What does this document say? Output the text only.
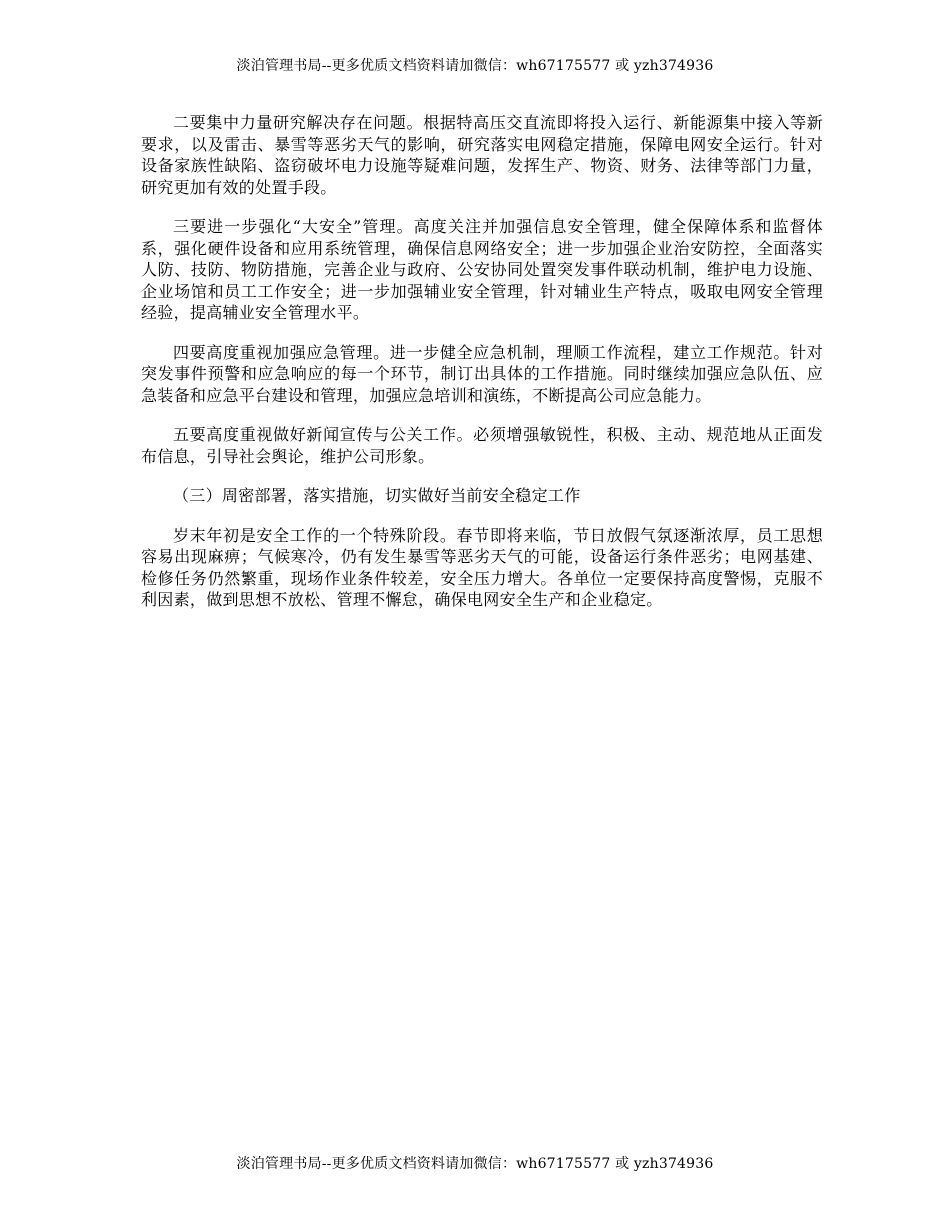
淡泊管理书局--更多优质文档资料请加微信：wh67175577 或 yzh374936

二要集中力量研究解决存在问题。根据特高压交直流即将投入运行、新能源集中接入等新要求，以及雷击、暴雪等恶劣天气的影响，研究落实电网稳定措施，保障电网安全运行。针对设备家族性缺陷、盗窃破坏电力设施等疑难问题，发挥生产、物资、财务、法律等部门力量，研究更加有效的处置手段。

三要进一步强化“大安全”管理。高度关注并加强信息安全管理，健全保障体系和监督体系，强化硬件设备和应用系统管理，确保信息网络安全；进一步加强企业治安防控，全面落实人防、技防、物防措施，完善企业与政府、公安协同处置突发事件联动机制，维护电力设施、企业场馆和员工工作安全；进一步加强辅业安全管理，针对辅业生产特点，吸取电网安全管理经验，提高辅业安全管理水平。

四要高度重视加强应急管理。进一步健全应急机制，理顺工作流程，建立工作规范。针对突发事件预警和应急响应的每一个环节，制订出具体的工作措施。同时继续加强应急队伍、应急装备和应急平台建设和管理，加强应急培训和演练，不断提高公司应急能力。

五要高度重视做好新闻宣传与公关工作。必须增强敏锐性，积极、主动、规范地从正面发布信息，引导社会舆论，维护公司形象。

（三）周密部署，落实措施，切实做好当前安全稳定工作

岁末年初是安全工作的一个特殊阶段。春节即将来临，节日放假气氛逐渐浓厚，员工思想容易出现麻痹；气候寒冷，仍有发生暴雪等恶劣天气的可能，设备运行条件恶劣；电网基建、检修任务仍然繁重，现场作业条件较差，安全压力增大。各单位一定要保持高度警惕，克服不利因素，做到思想不放松、管理不懈怠，确保电网安全生产和企业稳定。

淡泊管理书局--更多优质文档资料请加微信：wh67175577 或 yzh374936
